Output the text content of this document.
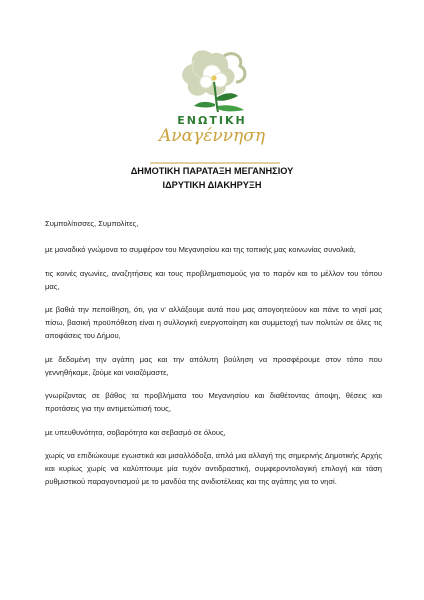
ΕΝΩΤΙΚΗ
Αναγέννηση
ΔΗΜΟΤΙΚΗ ΠΑΡΑΤΑΞΗ ΜΕΓΑΝΗΣΙΟΥ
ΙΔΡΥΤΙΚΗ ΔΙΑΚΗΡΥΞΗ

Συμπολίτισσες, Συμπολίτες,

με μοναδικό γνώμονα το συμφέρον του Μεγανησίου και της τοπικής μας κοινωνίας συνολικά,

τις κοινές αγωνίες, αναζητήσεις και τους προβληματισμούς για το παρόν και το μέλλον του τόπου μας,

με βαθιά την πεποίθηση, ότι, για ν' αλλάξουμε αυτά που μας απογοητεύουν και πάνε το νησί μας πίσω, βασική προϋπόθεση είναι η συλλογική ενεργοποίηση και συμμετοχή των πολιτών σε όλες τις αποφάσεις του Δήμου,

με δεδομένη την αγάπη μας και την απόλυτη βούληση να προσφέρουμε στον τόπο που γεννηθήκαμε, ζούμε και νοιαζόμαστε,

γνωρίζοντας σε βάθος τα προβλήματα του Μεγανησίου και διαθέτοντας άποψη, θέσεις και προτάσεις για την αντιμετώπισή τους,

με υπευθυνότητα, σοβαρότητα και σεβασμό σε όλους,

χωρίς να επιδιώκουμε εγωιστικά και μισαλλόδοξα, απλά μια αλλαγή της σημερινής Δημοτικής Αρχής και κυρίως χωρίς να καλύπτουμε μία τυχόν αντιδραστική, συμφεροντολογική επιλογή και τάση ρυθμιστικού παραγοντισμού με το μανδύα της ανιδιοτέλειας και της αγάπης για το νησί.
